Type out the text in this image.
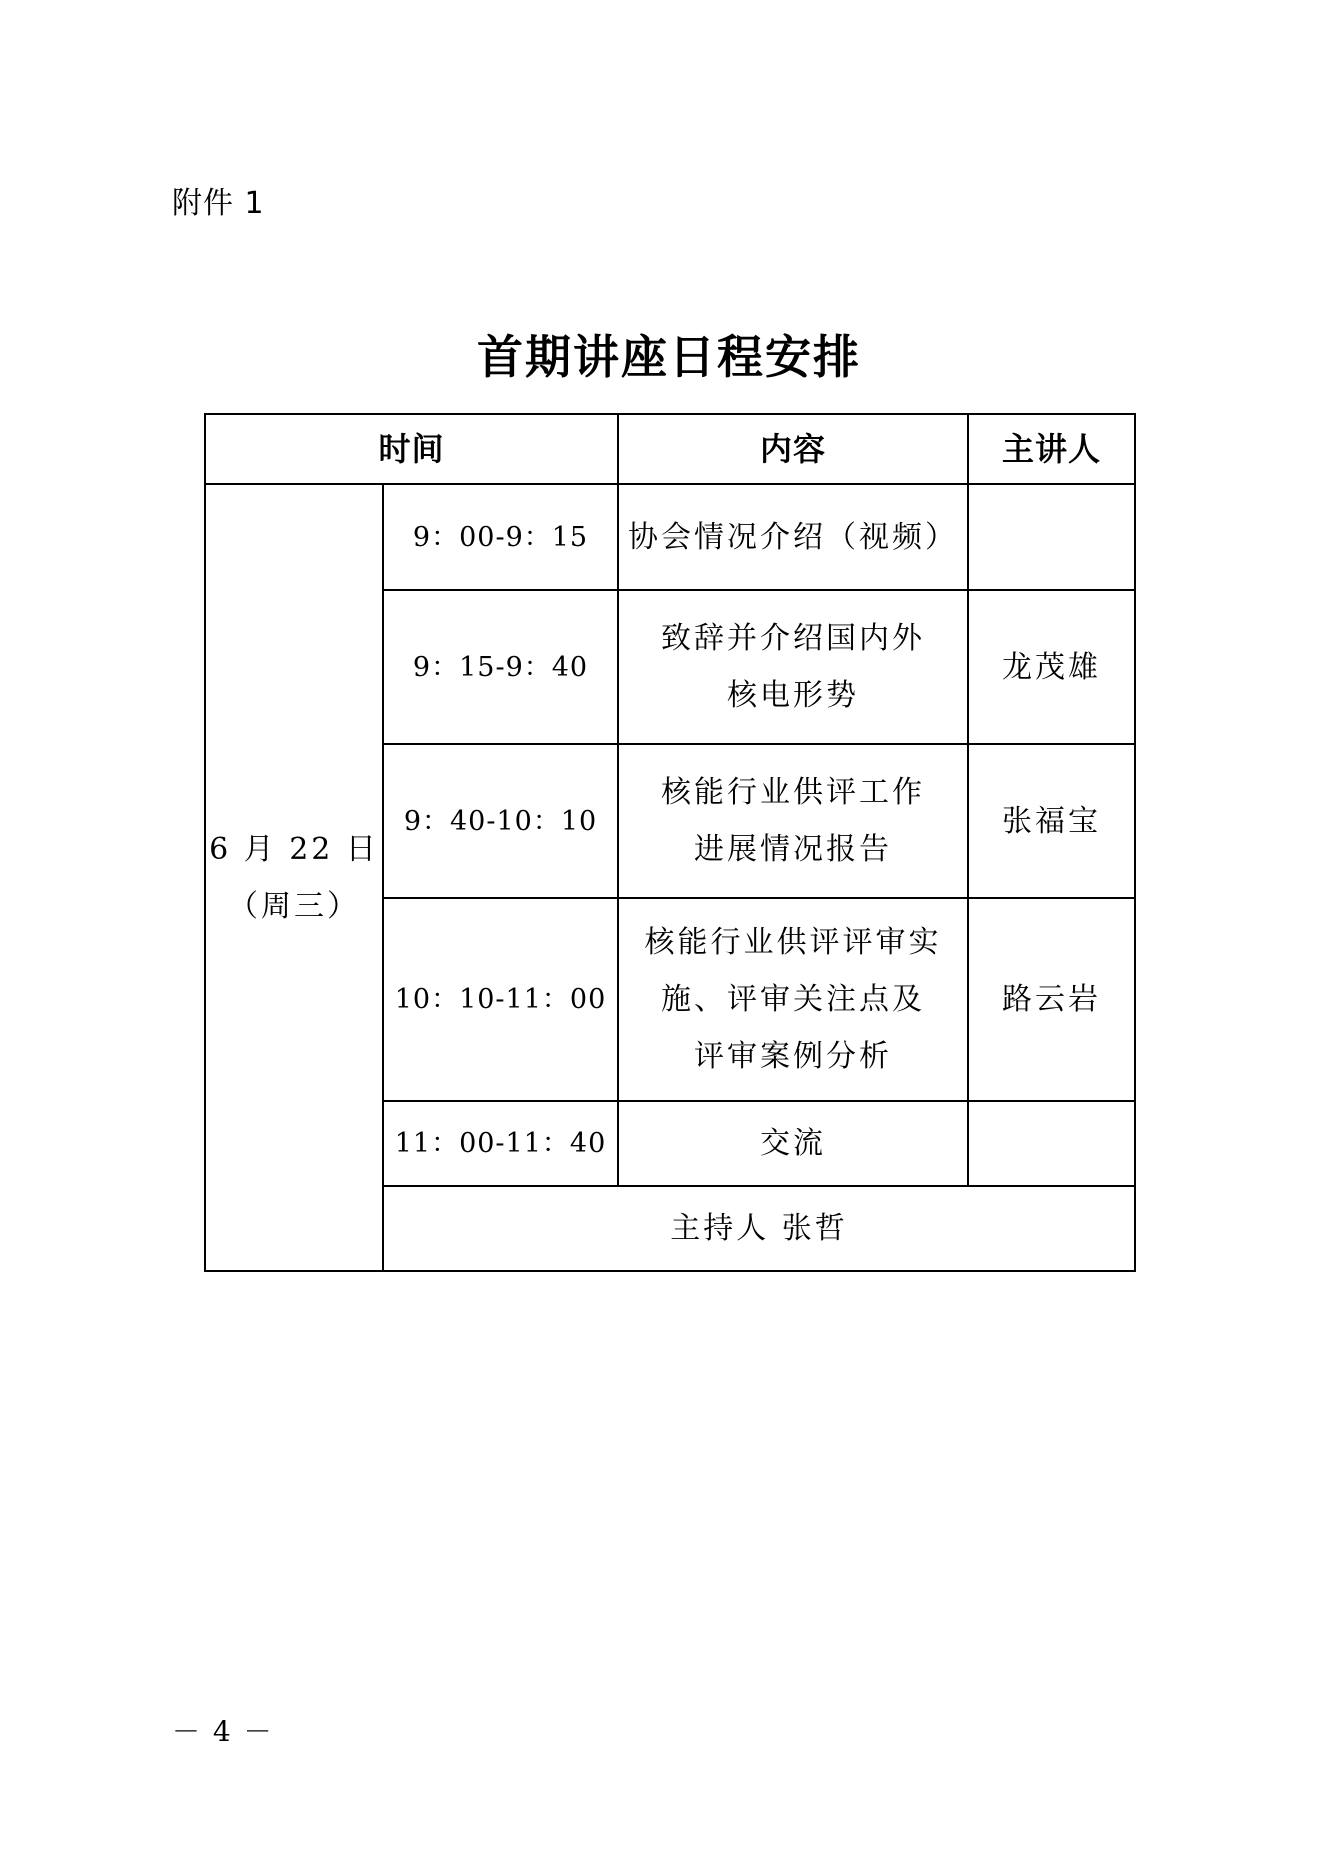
附件 1
首期讲座日程安排
时间		内容	主讲人

6 月 22 日
（周三）	9：00-9：15	协会情况介绍（视频）	

	9：15-9：40	致辞并介绍国内外
核电形势	龙茂雄
	9：40-10：10	核能行业供评工作
进展情况报告	张福宝
	10：10-11：00	核能行业供评评审实
施、评审关注点及
评审案例分析	路云岩
	11：00-11：40	交流	

	主持人 张哲		
－ 4 －
